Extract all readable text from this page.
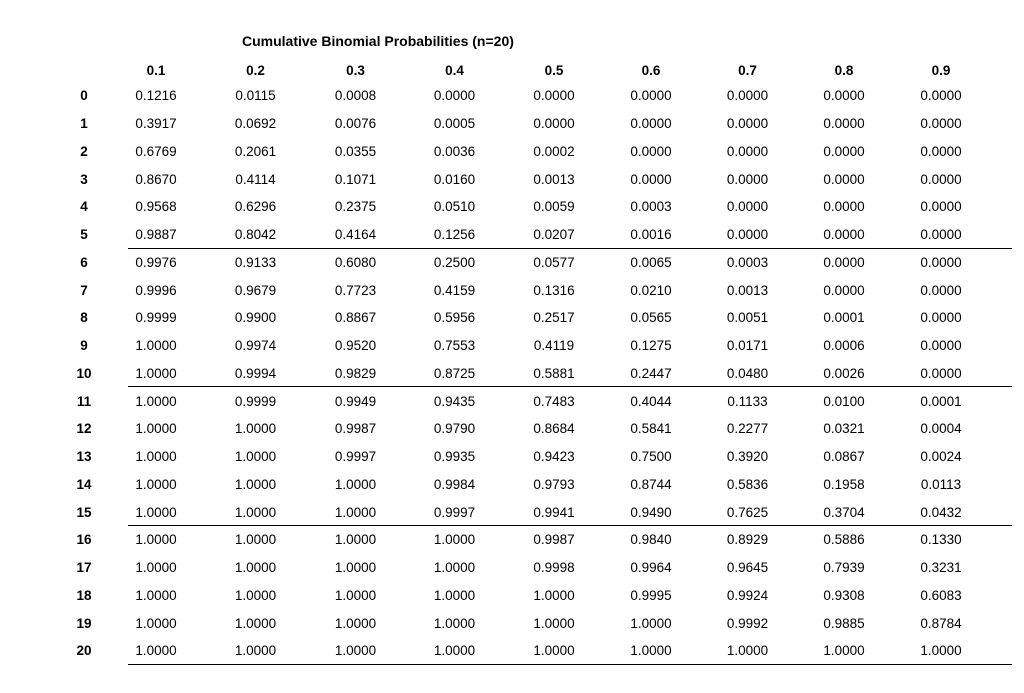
Cumulative Binomial Probabilities (n=20)
0.1	0.2	0.3	0.4	0.5	0.6	0.7	0.8	0.9
0	0.1216	0.0115	0.0008	0.0000	0.0000	0.0000	0.0000	0.0000	0.0000
1	0.3917	0.0692	0.0076	0.0005	0.0000	0.0000	0.0000	0.0000	0.0000
2	0.6769	0.2061	0.0355	0.0036	0.0002	0.0000	0.0000	0.0000	0.0000
3	0.8670	0.4114	0.1071	0.0160	0.0013	0.0000	0.0000	0.0000	0.0000
4	0.9568	0.6296	0.2375	0.0510	0.0059	0.0003	0.0000	0.0000	0.0000
5	0.9887	0.8042	0.4164	0.1256	0.0207	0.0016	0.0000	0.0000	0.0000
6	0.9976	0.9133	0.6080	0.2500	0.0577	0.0065	0.0003	0.0000	0.0000
7	0.9996	0.9679	0.7723	0.4159	0.1316	0.0210	0.0013	0.0000	0.0000
8	0.9999	0.9900	0.8867	0.5956	0.2517	0.0565	0.0051	0.0001	0.0000
9	1.0000	0.9974	0.9520	0.7553	0.4119	0.1275	0.0171	0.0006	0.0000
10	1.0000	0.9994	0.9829	0.8725	0.5881	0.2447	0.0480	0.0026	0.0000
11	1.0000	0.9999	0.9949	0.9435	0.7483	0.4044	0.1133	0.0100	0.0001
12	1.0000	1.0000	0.9987	0.9790	0.8684	0.5841	0.2277	0.0321	0.0004
13	1.0000	1.0000	0.9997	0.9935	0.9423	0.7500	0.3920	0.0867	0.0024
14	1.0000	1.0000	1.0000	0.9984	0.9793	0.8744	0.5836	0.1958	0.0113
15	1.0000	1.0000	1.0000	0.9997	0.9941	0.9490	0.7625	0.3704	0.0432
16	1.0000	1.0000	1.0000	1.0000	0.9987	0.9840	0.8929	0.5886	0.1330
17	1.0000	1.0000	1.0000	1.0000	0.9998	0.9964	0.9645	0.7939	0.3231
18	1.0000	1.0000	1.0000	1.0000	1.0000	0.9995	0.9924	0.9308	0.6083
19	1.0000	1.0000	1.0000	1.0000	1.0000	1.0000	0.9992	0.9885	0.8784
20	1.0000	1.0000	1.0000	1.0000	1.0000	1.0000	1.0000	1.0000	1.0000
